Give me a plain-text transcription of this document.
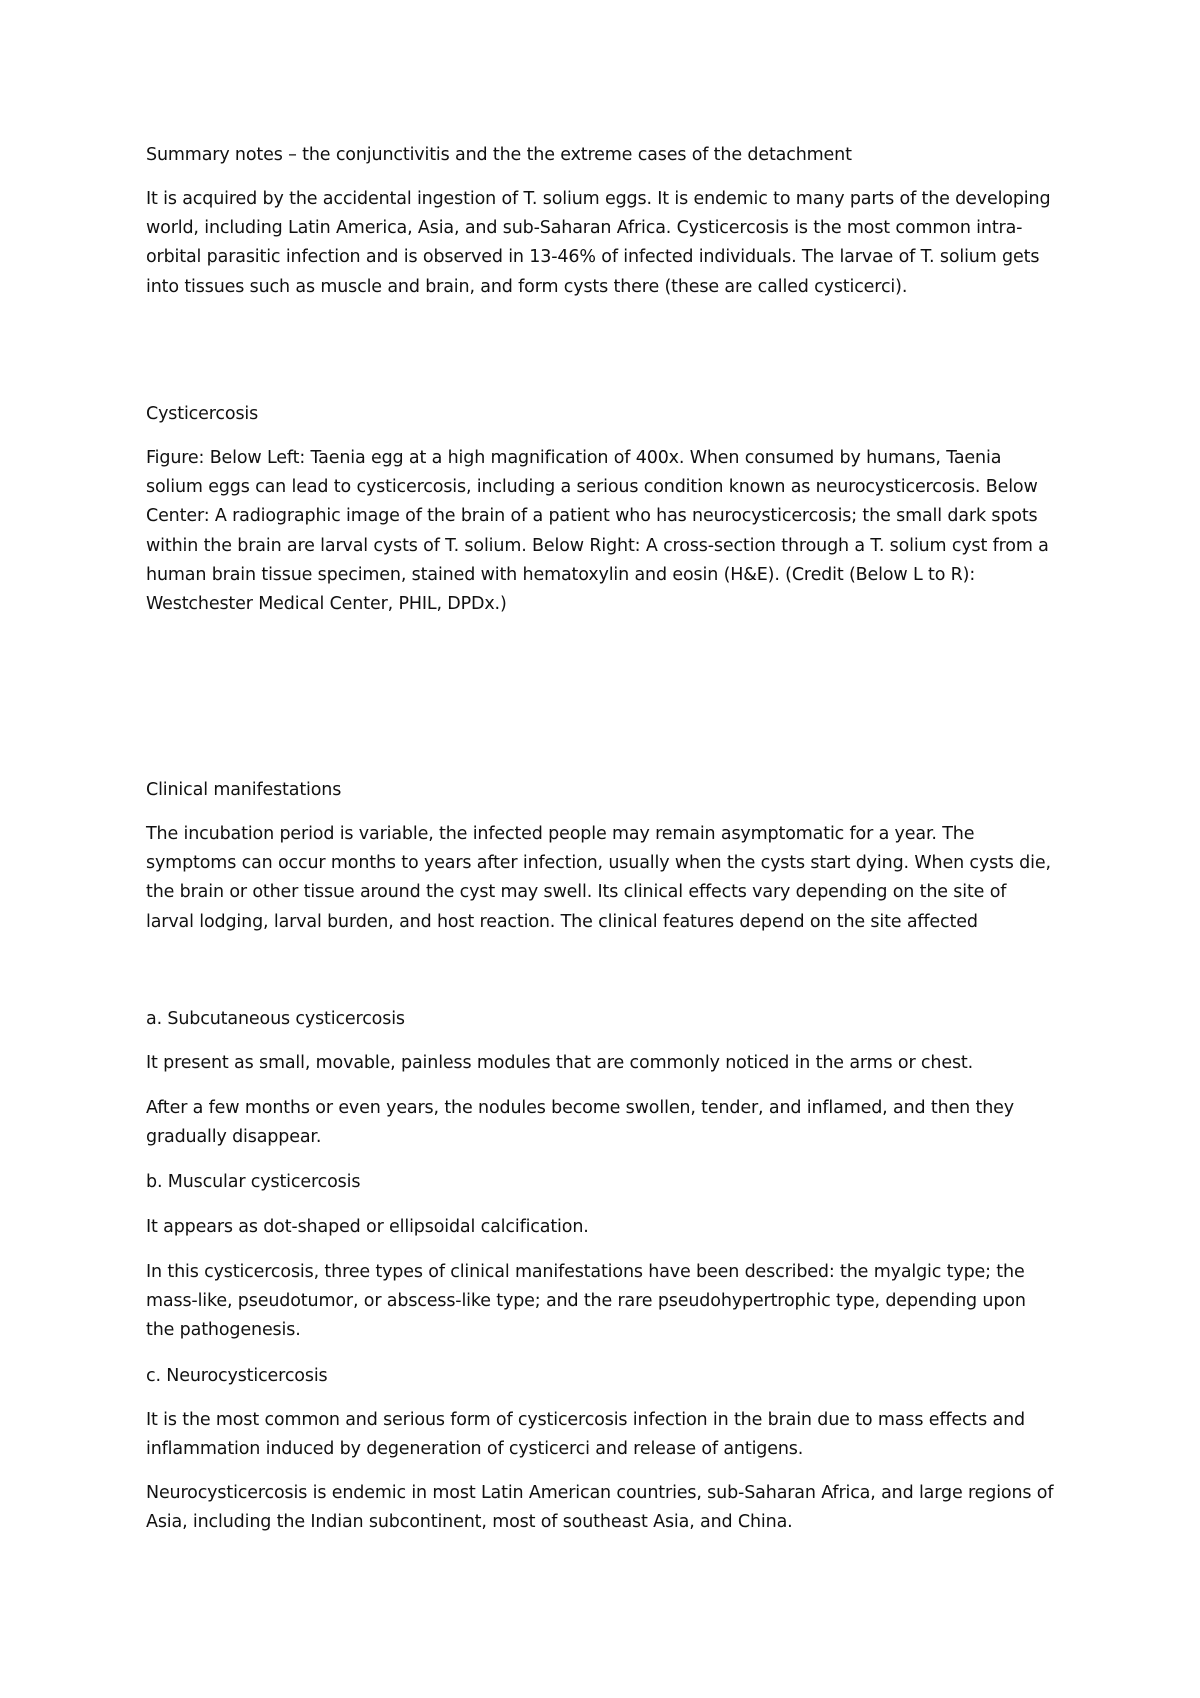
Summary notes – the conjunctivitis and the the extreme cases of the detachment

It is acquired by the accidental ingestion of T. solium eggs. It is endemic to many parts of the developing world, including Latin America, Asia, and sub-Saharan Africa. Cysticercosis is the most common intra-orbital parasitic infection and is observed in 13-46% of infected individuals. The larvae of T. solium gets into tissues such as muscle and brain, and form cysts there (these are called cysticerci).

Cysticercosis

Figure: Below Left: Taenia egg at a high magnification of 400x. When consumed by humans, Taenia solium eggs can lead to cysticercosis, including a serious condition known as neurocysticercosis. Below Center: A radiographic image of the brain of a patient who has neurocysticercosis; the small dark spots within the brain are larval cysts of T. solium. Below Right: A cross-section through a T. solium cyst from a human brain tissue specimen, stained with hematoxylin and eosin (H&E). (Credit (Below L to R): Westchester Medical Center, PHIL, DPDx.)

Clinical manifestations

The incubation period is variable, the infected people may remain asymptomatic for a year. The symptoms can occur months to years after infection, usually when the cysts start dying. When cysts die, the brain or other tissue around the cyst may swell. Its clinical effects vary depending on the site of larval lodging, larval burden, and host reaction. The clinical features depend on the site affected

a. Subcutaneous cysticercosis

It present as small, movable, painless modules that are commonly noticed in the arms or chest.

After a few months or even years, the nodules become swollen, tender, and inflamed, and then they gradually disappear.

b. Muscular cysticercosis

It appears as dot-shaped or ellipsoidal calcification.

In this cysticercosis, three types of clinical manifestations have been described: the myalgic type; the mass-like, pseudotumor, or abscess-like type; and the rare pseudohypertrophic type, depending upon the pathogenesis.

c. Neurocysticercosis

It is the most common and serious form of cysticercosis infection in the brain due to mass effects and inflammation induced by degeneration of cysticerci and release of antigens.

Neurocysticercosis is endemic in most Latin American countries, sub-Saharan Africa, and large regions of Asia, including the Indian subcontinent, most of southeast Asia, and China.
